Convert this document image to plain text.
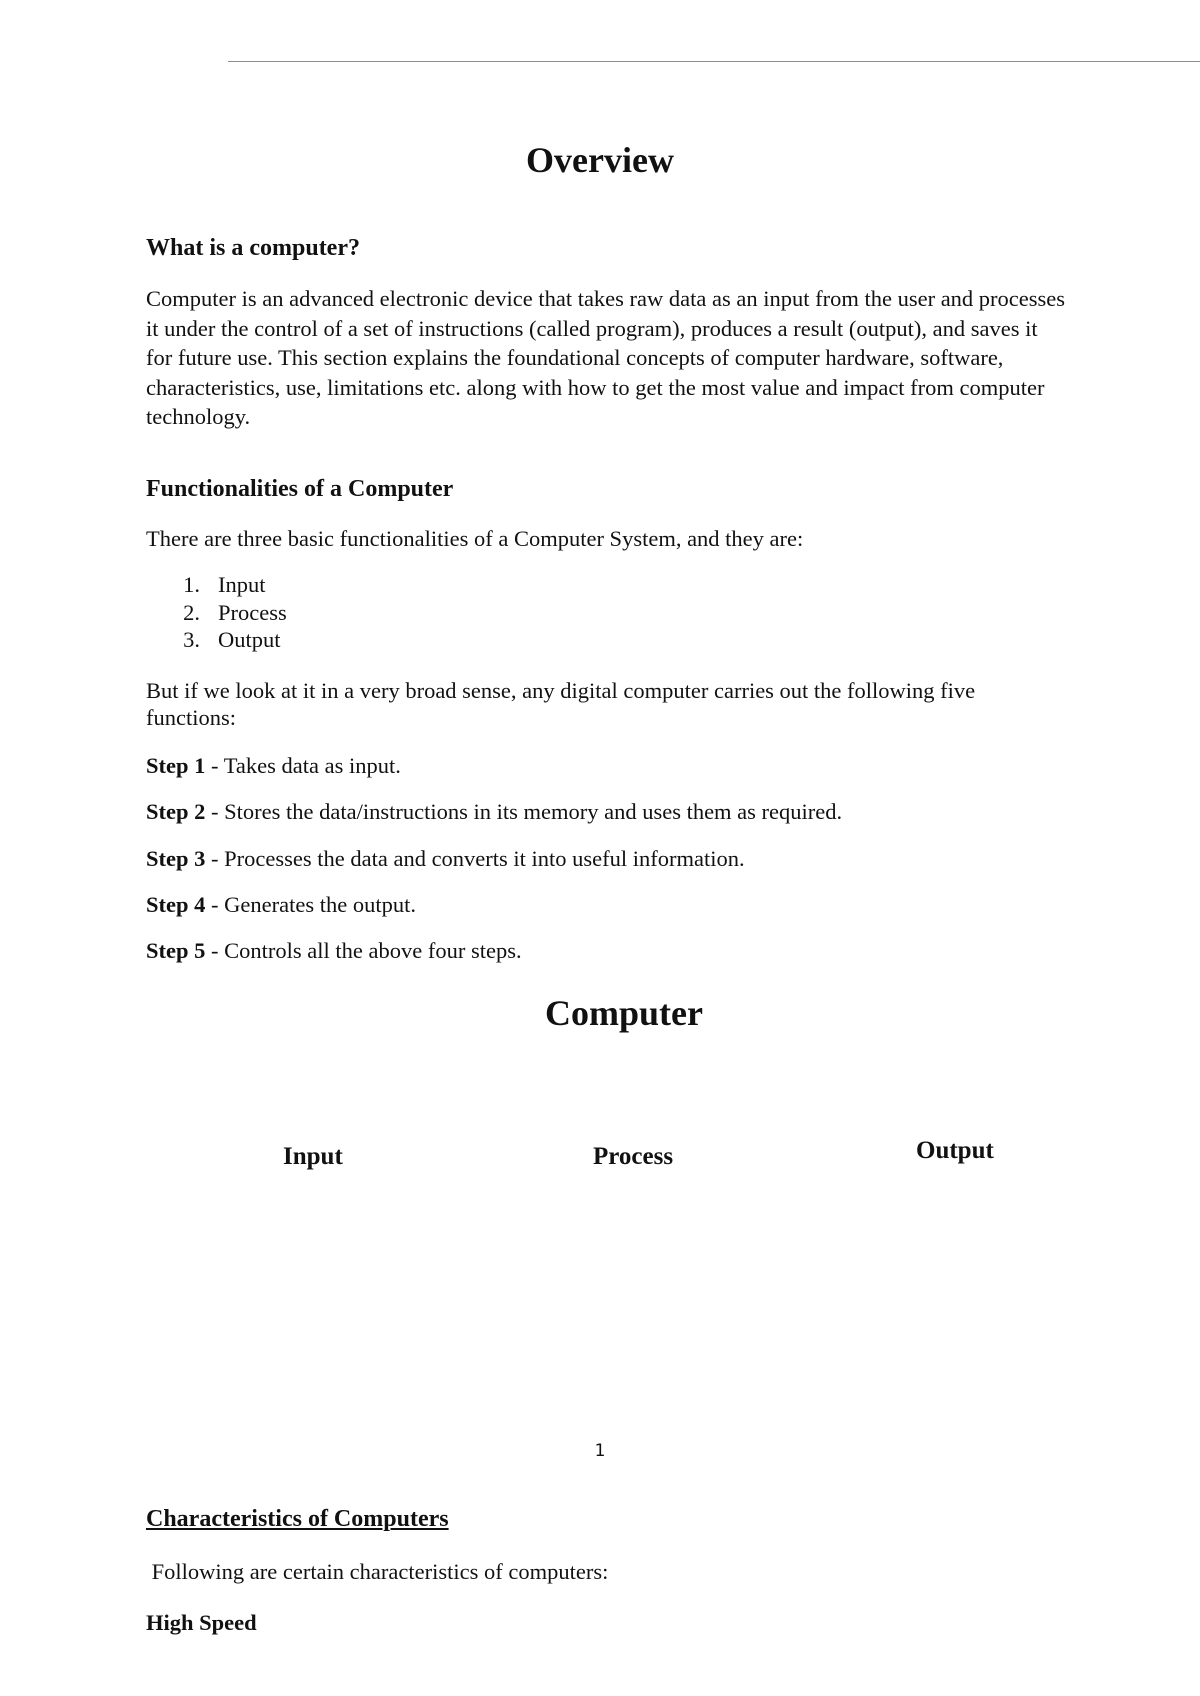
Overview
What is a computer?

Computer is an advanced electronic device that takes raw data as an input from the user and processes it under the control of a set of instructions (called program), produces a result (output), and saves it for future use. This section explains the foundational concepts of computer hardware, software, characteristics, use, limitations etc. along with how to get the most value and impact from computer technology.

Functionalities of a Computer

There are three basic functionalities of a Computer System, and they are:

1. Input
2. Process
3. Output

But if we look at it in a very broad sense, any digital computer carries out the following five functions:

Step 1 - Takes data as input.

Step 2 - Stores the data/instructions in its memory and uses them as required.

Step 3 - Processes the data and converts it into useful information.

Step 4 - Generates the output.

Step 5 - Controls all the above four steps.

Computer

Input	Process	Output

1

Characteristics of Computers

Following are certain characteristics of computers:

High Speed
